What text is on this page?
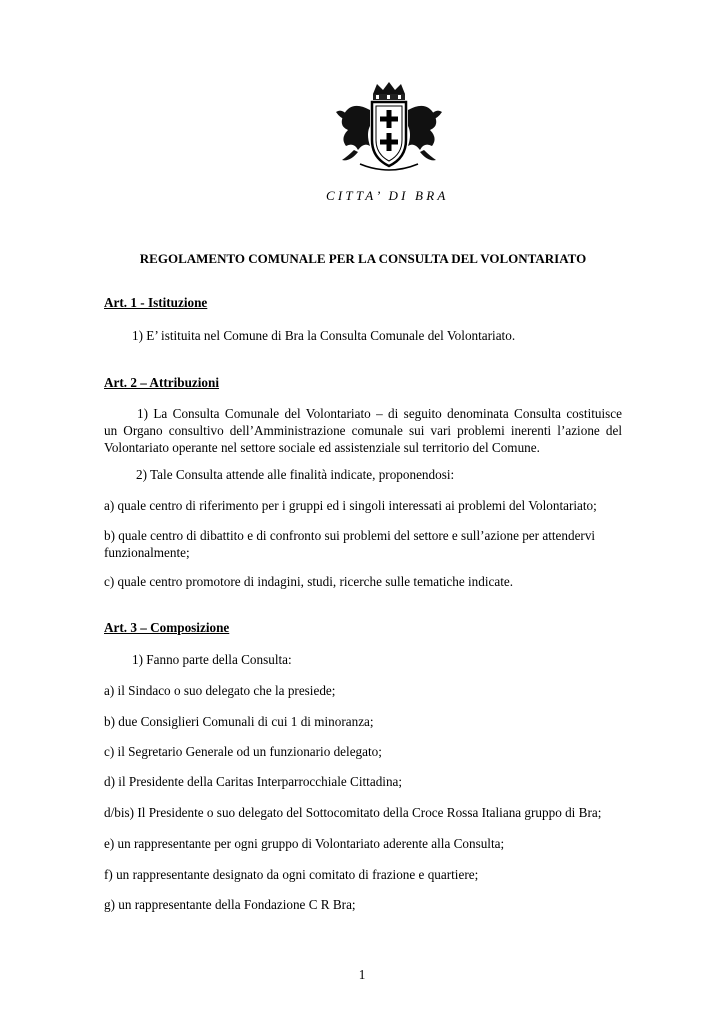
CITTA’ DI BRA
REGOLAMENTO COMUNALE PER LA CONSULTA DEL VOLONTARIATO
Art. 1 - Istituzione
1) E’ istituita nel Comune di Bra la Consulta Comunale del Volontariato.
Art. 2 – Attribuzioni
1) La Consulta Comunale del Volontariato – di seguito denominata Consulta costituisce
un Organo consultivo dell’Amministrazione comunale sui vari problemi inerenti l’azione del Volontariato operante nel settore sociale ed assistenziale sul territorio del Comune.
2) Tale Consulta attende alle finalità indicate, proponendosi:
a) quale centro di riferimento per i gruppi ed i singoli interessati ai problemi del Volontariato;
b) quale centro di dibattito e di confronto sui problemi del settore e sull’azione per attendervi funzionalmente;
c) quale centro promotore di indagini, studi, ricerche sulle tematiche indicate.
Art. 3 – Composizione
1) Fanno parte della Consulta:
a) il Sindaco o suo delegato che la presiede;
b) due Consiglieri Comunali di cui 1 di minoranza;
c) il Segretario Generale od un funzionario delegato;
d) il Presidente della Caritas Interparrocchiale Cittadina;
d/bis) Il Presidente o suo delegato del Sottocomitato della Croce Rossa Italiana gruppo di Bra;
e) un rappresentante per ogni gruppo di Volontariato aderente alla Consulta;
f) un rappresentante designato da ogni comitato di frazione e quartiere;
g) un rappresentante della Fondazione C R Bra;
1
